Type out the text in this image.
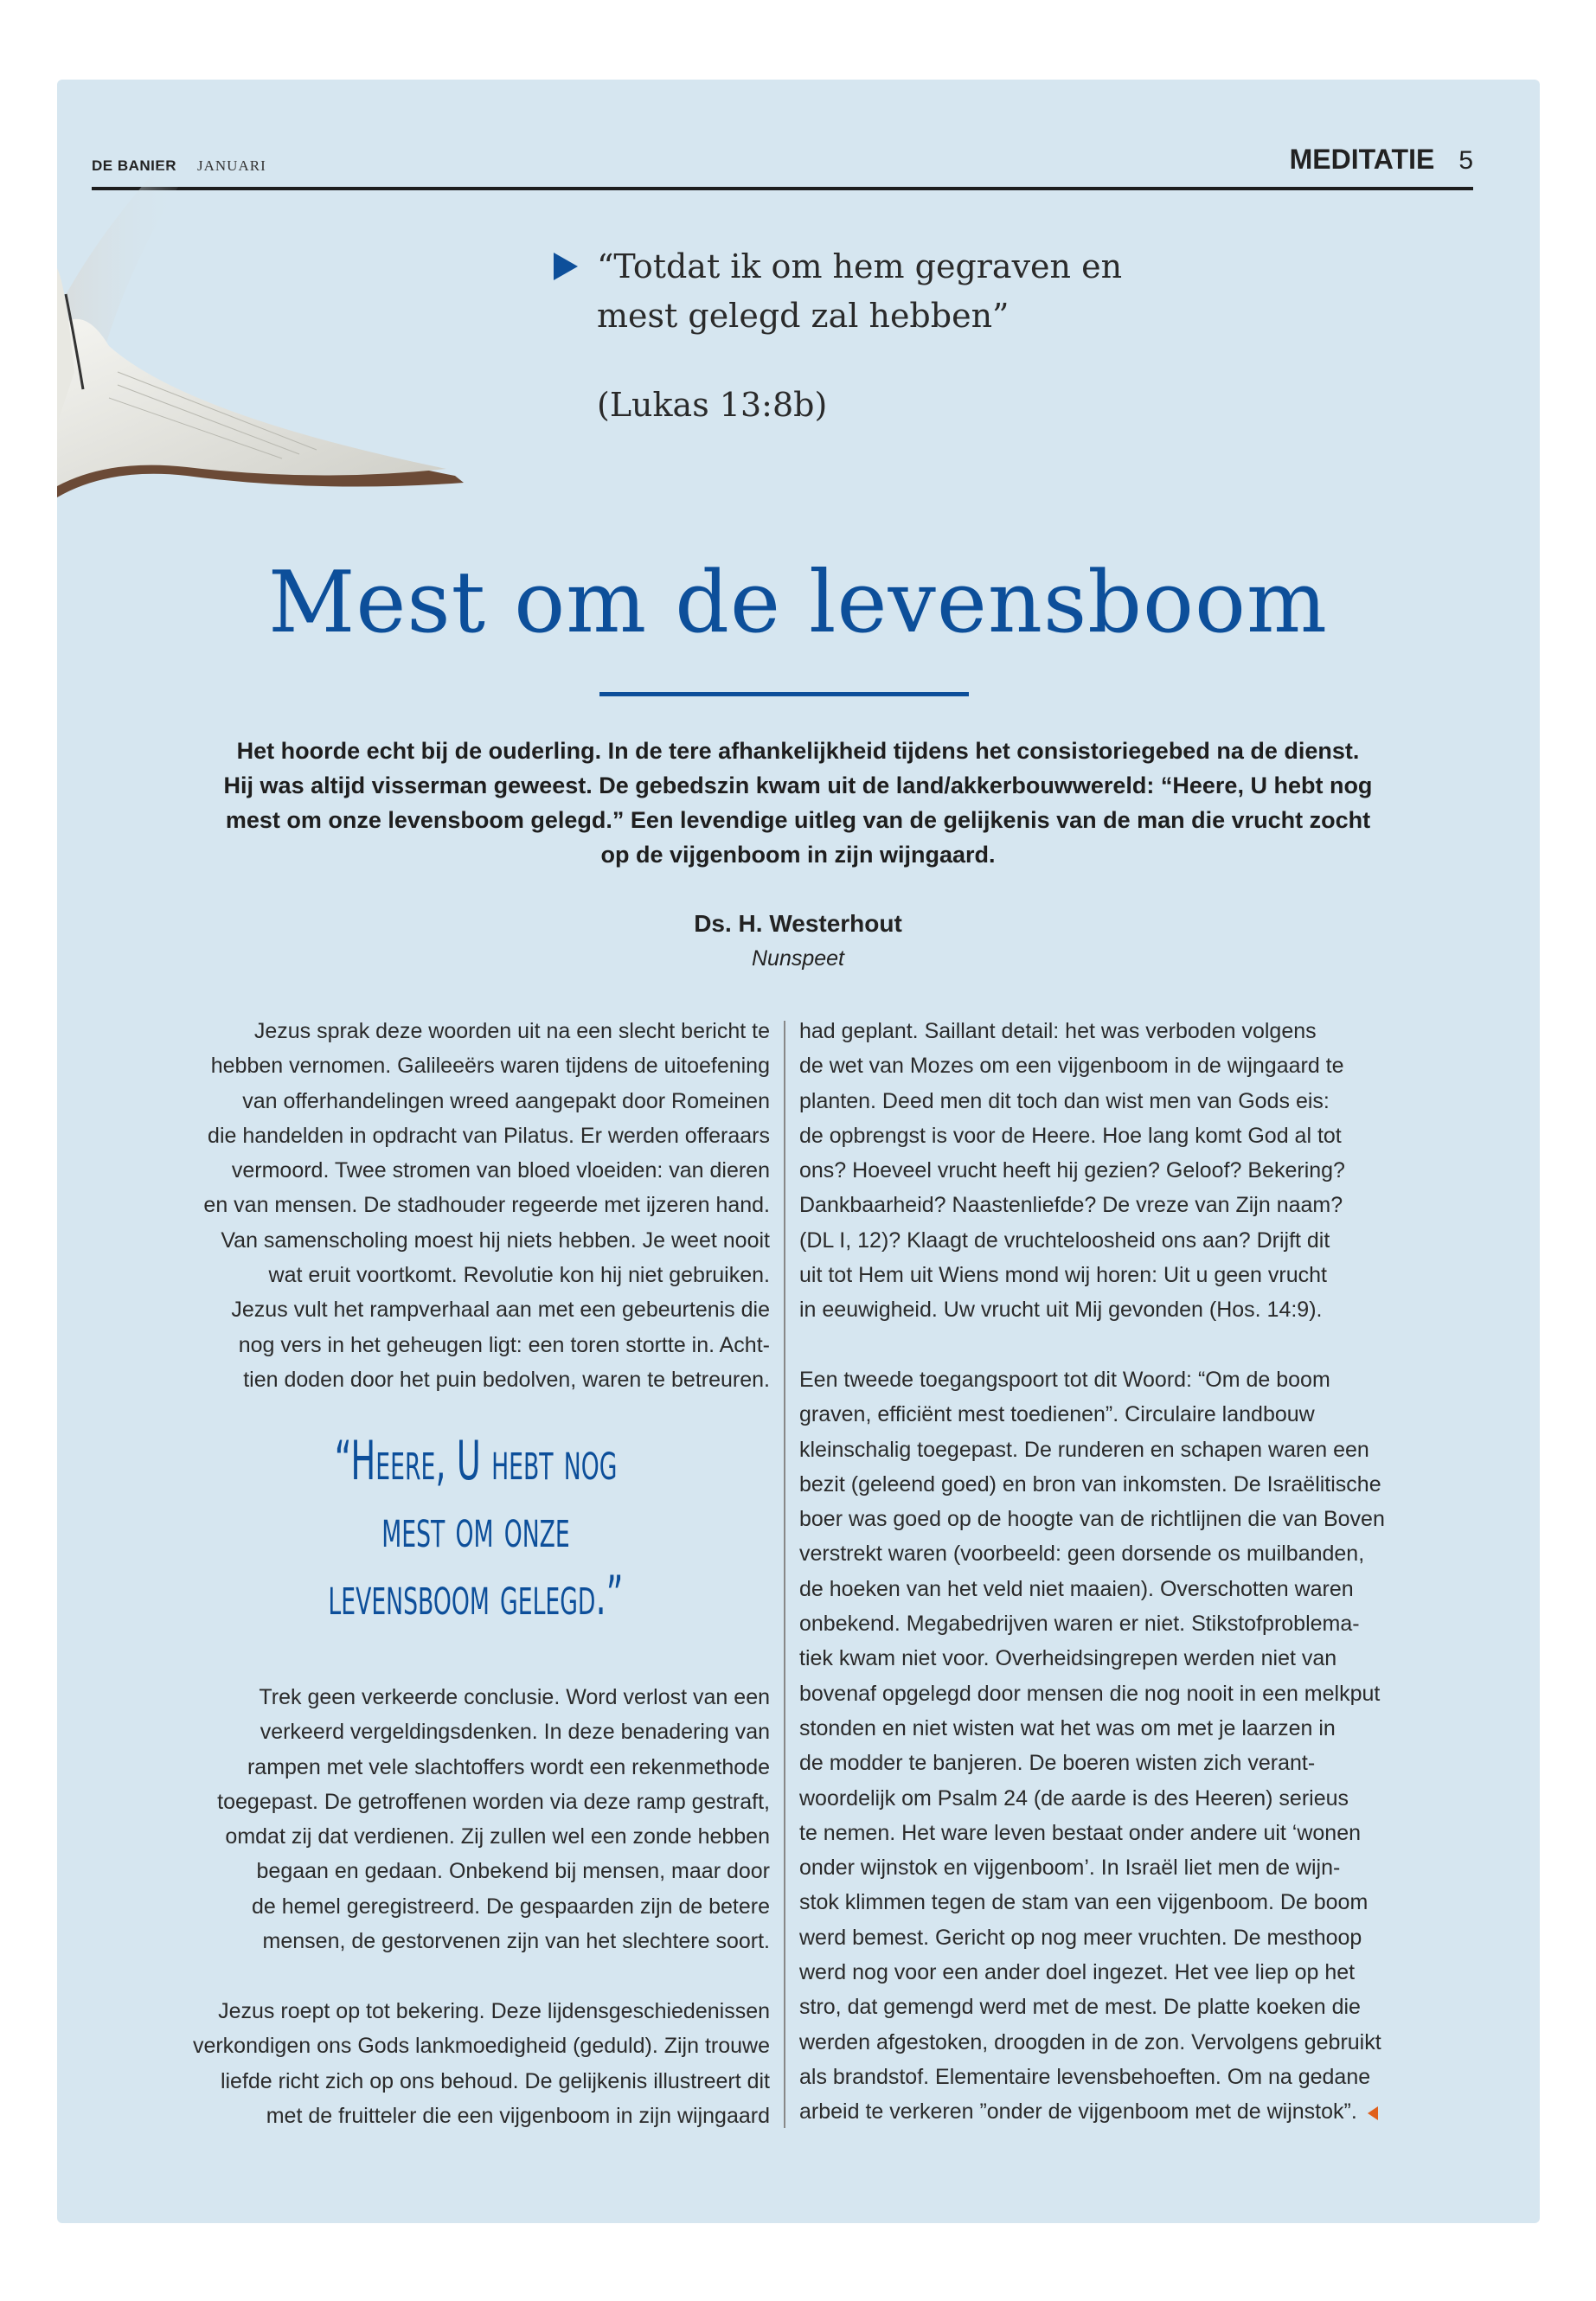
DE BANIER JANUARI	MEDITATIE 5
“Totdat ik om hem gegraven en
mest gelegd zal hebben”
(Lukas 13:8b)
Mest om de levensboom
Het hoorde echt bij de ouderling. In de tere afhankelijkheid tijdens het consistoriegebed na de dienst.
Hij was altijd visserman geweest. De gebedszin kwam uit de land/akkerbouwwereld: “Heere, U hebt nog
mest om onze levensboom gelegd.” Een levendige uitleg van de gelijkenis van de man die vrucht zocht
op de vijgenboom in zijn wijngaard.
Ds. H. Westerhout
Nunspeet
Jezus sprak deze woorden uit na een slecht bericht te
hebben vernomen. Galileeërs waren tijdens de uitoefening
van offerhandelingen wreed aangepakt door Romeinen
die handelden in opdracht van Pilatus. Er werden offeraars
vermoord. Twee stromen van bloed vloeiden: van dieren
en van mensen. De stadhouder regeerde met ijzeren hand.
Van samenscholing moest hij niets hebben. Je weet nooit
wat eruit voortkomt. Revolutie kon hij niet gebruiken.
Jezus vult het rampverhaal aan met een gebeurtenis die
nog vers in het geheugen ligt: een toren stortte in. Acht-
tien doden door het puin bedolven, waren te betreuren.
“Heere, U hebt nog
mest om onze
levensboom gelegd.”
Trek geen verkeerde conclusie. Word verlost van een
verkeerd vergeldingsdenken. In deze benadering van
rampen met vele slachtoffers wordt een rekenmethode
toegepast. De getroffenen worden via deze ramp gestraft,
omdat zij dat verdienen. Zij zullen wel een zonde hebben
begaan en gedaan. Onbekend bij mensen, maar door
de hemel geregistreerd. De gespaarden zijn de betere
mensen, de gestorvenen zijn van het slechtere soort.
Jezus roept op tot bekering. Deze lijdensgeschiedenissen
verkondigen ons Gods lankmoedigheid (geduld). Zijn trouwe
liefde richt zich op ons behoud. De gelijkenis illustreert dit
met de fruitteler die een vijgenboom in zijn wijngaard
had geplant. Saillant detail: het was verboden volgens
de wet van Mozes om een vijgenboom in de wijngaard te
planten. Deed men dit toch dan wist men van Gods eis:
de opbrengst is voor de Heere. Hoe lang komt God al tot
ons? Hoeveel vrucht heeft hij gezien? Geloof? Bekering?
Dankbaarheid? Naastenliefde? De vreze van Zijn naam?
(DL I, 12)? Klaagt de vruchteloosheid ons aan? Drijft dit
uit tot Hem uit Wiens mond wij horen: Uit u geen vrucht
in eeuwigheid. Uw vrucht uit Mij gevonden (Hos. 14:9).
Een tweede toegangspoort tot dit Woord: “Om de boom
graven, efficiënt mest toedienen”. Circulaire landbouw
kleinschalig toegepast. De runderen en schapen waren een
bezit (geleend goed) en bron van inkomsten. De Israëlitische
boer was goed op de hoogte van de richtlijnen die van Boven
verstrekt waren (voorbeeld: geen dorsende os muilbanden,
de hoeken van het veld niet maaien). Overschotten waren
onbekend. Megabedrijven waren er niet. Stikstofproblema-
tiek kwam niet voor. Overheidsingrepen werden niet van
bovenaf opgelegd door mensen die nog nooit in een melkput
stonden en niet wisten wat het was om met je laarzen in
de modder te banjeren. De boeren wisten zich verant-
woordelijk om Psalm 24 (de aarde is des Heeren) serieus
te nemen. Het ware leven bestaat onder andere uit ‘wonen
onder wijnstok en vijgenboom’. In Israël liet men de wijn-
stok klimmen tegen de stam van een vijgenboom. De boom
werd bemest. Gericht op nog meer vruchten. De mesthoop
werd nog voor een ander doel ingezet. Het vee liep op het
stro, dat gemengd werd met de mest. De platte koeken die
werden afgestoken, droogden in de zon. Vervolgens gebruikt
als brandstof. Elementaire levensbehoeften. Om na gedane
arbeid te verkeren ”onder de vijgenboom met de wijnstok”.
